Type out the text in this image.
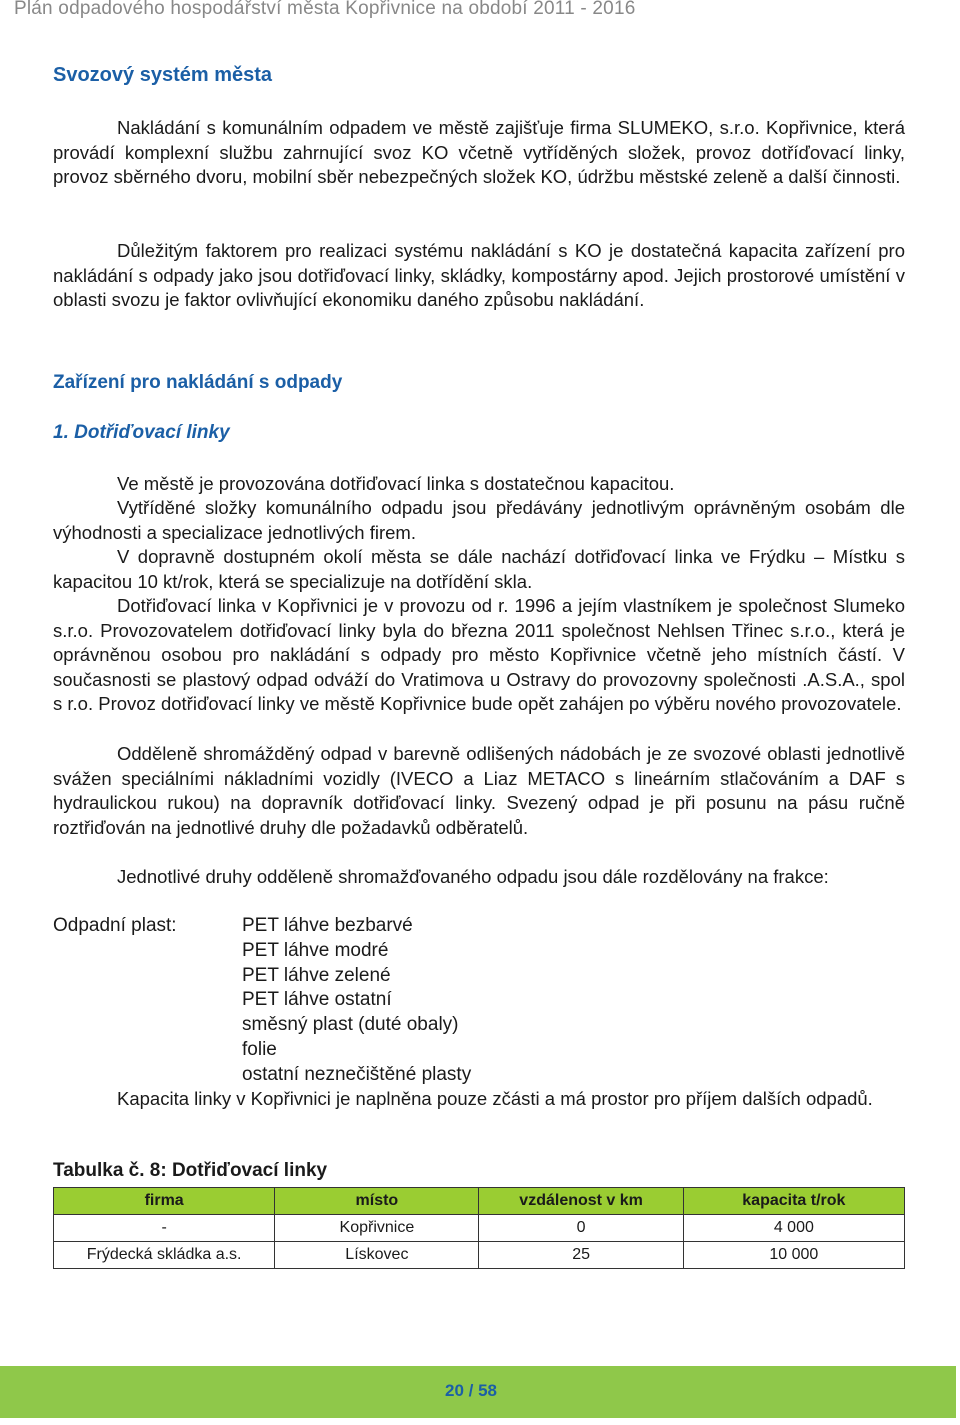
Plán odpadového hospodářství města Kopřivnice na období 2011 - 2016
Svozový systém města
Nakládání s komunálním odpadem ve městě zajišťuje firma SLUMEKO, s.r.o. Kopřivnice, která provádí komplexní službu zahrnující svoz KO včetně vytříděných složek, provoz dotříďovací linky, provoz sběrného dvoru, mobilní sběr nebezpečných složek KO, údržbu městské zeleně a další činnosti.
Důležitým faktorem pro realizaci systému nakládání s KO je dostatečná kapacita zařízení pro nakládání s odpady jako jsou dotřiďovací linky, skládky, kompostárny apod. Jejich prostorové umístění v oblasti svozu je faktor ovlivňující ekonomiku daného způsobu nakládání.
Zařízení pro nakládání s odpady
1. Dotřiďovací linky
Ve městě je provozována dotřiďovací linka s dostatečnou kapacitou.
Vytříděné složky komunálního odpadu jsou předávány jednotlivým oprávněným osobám dle výhodnosti a specializace jednotlivých firem.
V dopravně dostupném okolí města se dále nachází dotřiďovací linka ve Frýdku – Místku s kapacitou 10 kt/rok, která se specializuje na dotřídění skla.
Dotřiďovací linka v Kopřivnici je v provozu od r. 1996 a jejím vlastníkem je společnost Slumeko s.r.o. Provozovatelem dotřiďovací linky byla do března 2011 společnost Nehlsen Třinec s.r.o., která je oprávněnou osobou pro nakládání s odpady pro město Kopřivnice včetně jeho místních částí. V současnosti se plastový odpad odváží do Vratimova u Ostravy do provozovny společnosti .A.S.A., spol s r.o. Provoz dotřiďovací linky ve městě Kopřivnice bude opět zahájen po výběru nového provozovatele.
Odděleně shromážděný odpad v barevně odlišených nádobách je ze svozové oblasti jednotlivě svážen speciálními nákladními vozidly (IVECO a Liaz METACO s lineárním stlačováním a DAF s hydraulickou rukou) na dopravník dotřiďovací linky. Svezený odpad je při posunu na pásu ručně roztřiďován na jednotlivé druhy dle požadavků odběratelů.
Jednotlivé druhy odděleně shromažďovaného odpadu jsou dále rozdělovány na frakce:
Odpadní plast:	PET láhve bezbarvé
PET láhve modré
PET láhve zelené
PET láhve ostatní
směsný plast (duté obaly)
folie
ostatní neznečištěné plasty
Kapacita linky v Kopřivnici je naplněna pouze zčásti a má prostor pro příjem dalších odpadů.
Tabulka č. 8: Dotřiďovací linky
firma	místo	vzdálenost v km	kapacita t/rok
-	Kopřivnice	0	4 000
Frýdecká skládka a.s.	Lískovec	25	10 000
20 / 58
